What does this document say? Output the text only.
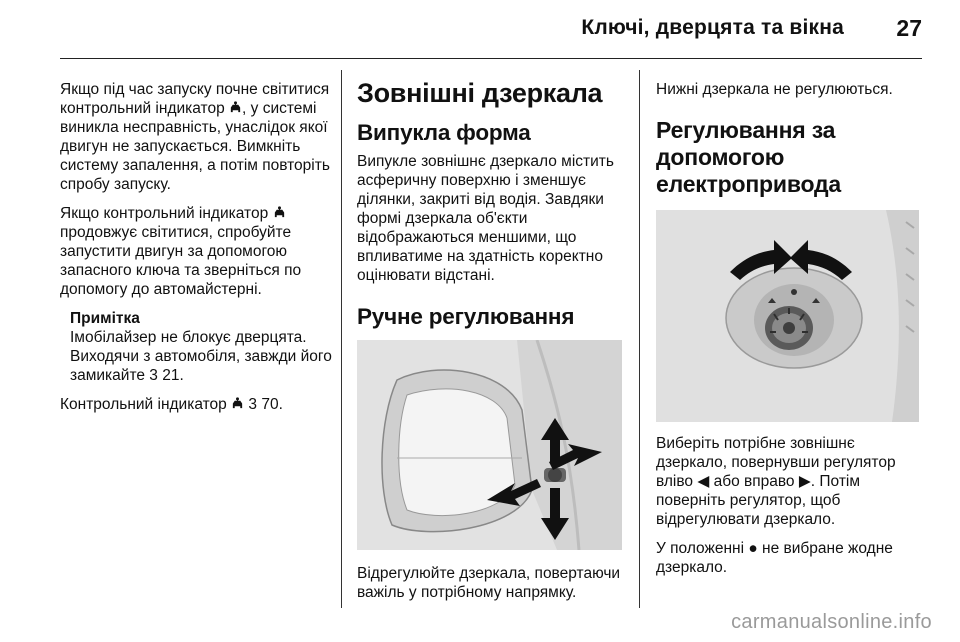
Ключі, дверцята та вікна 27

Якщо під час запуску почне світитися контрольний індикатор , у системі виникла несправність, унаслідок якої двигун не запускається. Вимкніть систему запалення, а потім повторіть спробу запуску.

Якщо контрольний індикатор  продовжує світитися, спробуйте запустити двигун за допомогою запасного ключа та зверніться по допомогу до автомайстерні.

Примітка
Імобілайзер не блокує дверцята. Виходячи з автомобіля, завжди його замикайте 3 21.

Контрольний індикатор  3 70.

Зовнішні дзеркала
Випукла форма

Випукле зовнішнє дзеркало містить асферичну поверхню і зменшує ділянки, закриті від водія. Завдяки формі дзеркала об'єкти відображаються меншими, що впливатиме на здатність коректно оцінювати відстані.

Ручне регулювання

Відрегулюйте дзеркала, повертаючи важіль у потрібному напрямку.

Нижні дзеркала не регулюються.

Регулювання за допомогою електропривода

Виберіть потрібне зовнішнє дзеркало, повернувши регулятор вліво ◀ або вправо ▶. Потім поверніть регулятор, щоб відрегулювати дзеркало.

У положенні ● не вибране жодне дзеркало.

carmanualsonline.info
